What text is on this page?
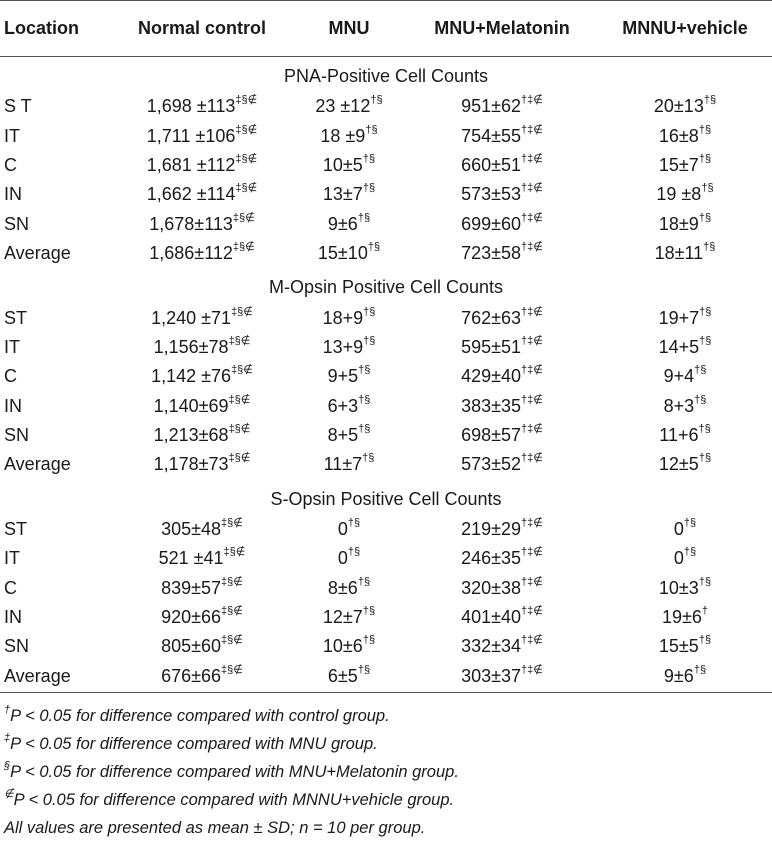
Location	Normal control	MNU	MNU+Melatonin	MNNU+vehicle
PNA-Positive Cell Counts				
S T	1,698 ±113‡§∉	23 ±12†§	951±62†‡∉	20±13†§
IT	1,711 ±106‡§∉	18 ±9†§	754±55†‡∉	16±8†§
C	1,681 ±112‡§∉	10±5†§	660±51†‡∉	15±7†§
IN	1,662 ±114‡§∉	13±7†§	573±53†‡∉	19 ±8†§
SN	1,678±113‡§∉	9±6†§	699±60†‡∉	18±9†§
Average	1,686±112‡§∉	15±10†§	723±58†‡∉	18±11†§
M-Opsin Positive Cell Counts				
ST	1,240 ±71‡§∉	18+9†§	762±63†‡∉	19+7†§
IT	1,156±78‡§∉	13+9†§	595±51†‡∉	14+5†§
C	1,142 ±76‡§∉	9+5†§	429±40†‡∉	9+4†§
IN	1,140±69‡§∉	6+3†§	383±35†‡∉	8+3†§
SN	1,213±68‡§∉	8+5†§	698±57†‡∉	11+6†§
Average	1,178±73‡§∉	11±7†§	573±52†‡∉	12±5†§
S-Opsin Positive Cell Counts				
ST	305±48‡§∉	0†§	219±29†‡∉	0†§
IT	521 ±41‡§∉	0†§	246±35†‡∉	0†§
C	839±57‡§∉	8±6†§	320±38†‡∉	10±3†§
IN	920±66‡§∉	12±7†§	401±40†‡∉	19±6†
SN	805±60‡§∉	10±6†§	332±34†‡∉	15±5†§
Average	676±66‡§∉	6±5†§	303±37†‡∉	9±6†§
†P < 0.05 for difference compared with control group.
‡P < 0.05 for difference compared with MNU group.
§P < 0.05 for difference compared with MNU+Melatonin group.
∉P < 0.05 for difference compared with MNNU+vehicle group.
All values are presented as mean ± SD; n = 10 per group.
